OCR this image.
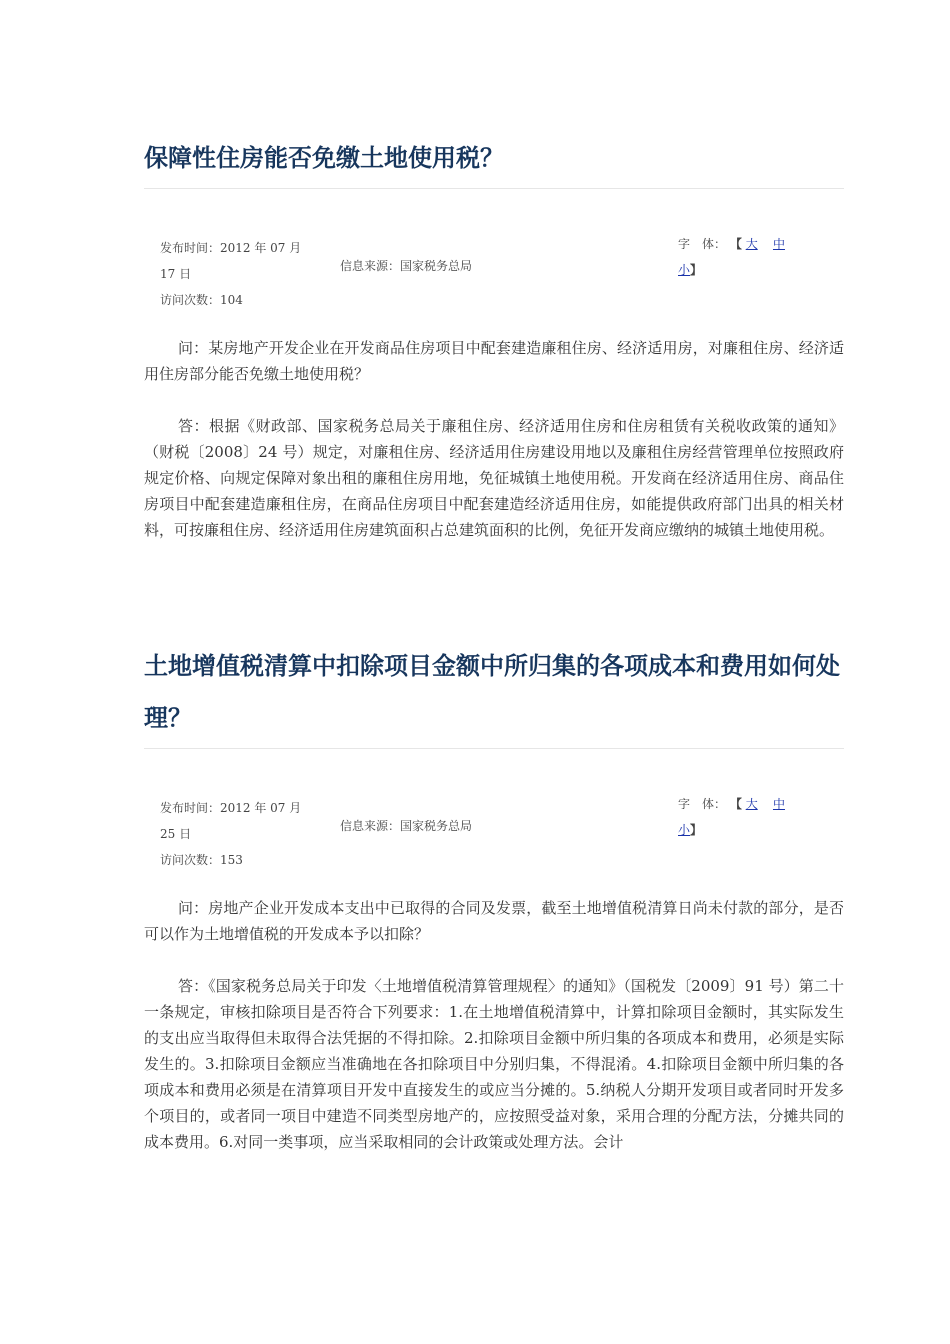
保障性住房能否免缴土地使用税？
发布时间：2012 年 07 月
17 日
访问次数：104
信息来源：国家税务总局
字　体： 【 大 中
小】

问：某房地产开发企业在开发商品住房项目中配套建造廉租住房、经济适用房，对廉租住房、经济适用住房部分能否免缴土地使用税？

答：根据《财政部、国家税务总局关于廉租住房、经济适用住房和住房租赁有关税收政策的通知》（财税〔2008〕24 号）规定，对廉租住房、经济适用住房建设用地以及廉租住房经营管理单位按照政府规定价格、向规定保障对象出租的廉租住房用地，免征城镇土地使用税。开发商在经济适用住房、商品住房项目中配套建造廉租住房，在商品住房项目中配套建造经济适用住房，如能提供政府部门出具的相关材料，可按廉租住房、经济适用住房建筑面积占总建筑面积的比例，免征开发商应缴纳的城镇土地使用税。

土地增值税清算中扣除项目金额中所归集的各项成本和费用如何处理？
发布时间：2012 年 07 月
25 日
访问次数：153
信息来源：国家税务总局
字　体： 【 大 中
小】

问：房地产企业开发成本支出中已取得的合同及发票，截至土地增值税清算日尚未付款的部分，是否可以作为土地增值税的开发成本予以扣除？

答：《国家税务总局关于印发〈土地增值税清算管理规程〉的通知》（国税发〔2009〕91 号）第二十一条规定，审核扣除项目是否符合下列要求：1.在土地增值税清算中，计算扣除项目金额时，其实际发生的支出应当取得但未取得合法凭据的不得扣除。2.扣除项目金额中所归集的各项成本和费用，必须是实际发生的。3.扣除项目金额应当准确地在各扣除项目中分别归集，不得混淆。4.扣除项目金额中所归集的各项成本和费用必须是在清算项目开发中直接发生的或应当分摊的。5.纳税人分期开发项目或者同时开发多个项目的，或者同一项目中建造不同类型房地产的，应按照受益对象，采用合理的分配方法，分摊共同的成本费用。6.对同一类事项，应当采取相同的会计政策或处理方法。会计
